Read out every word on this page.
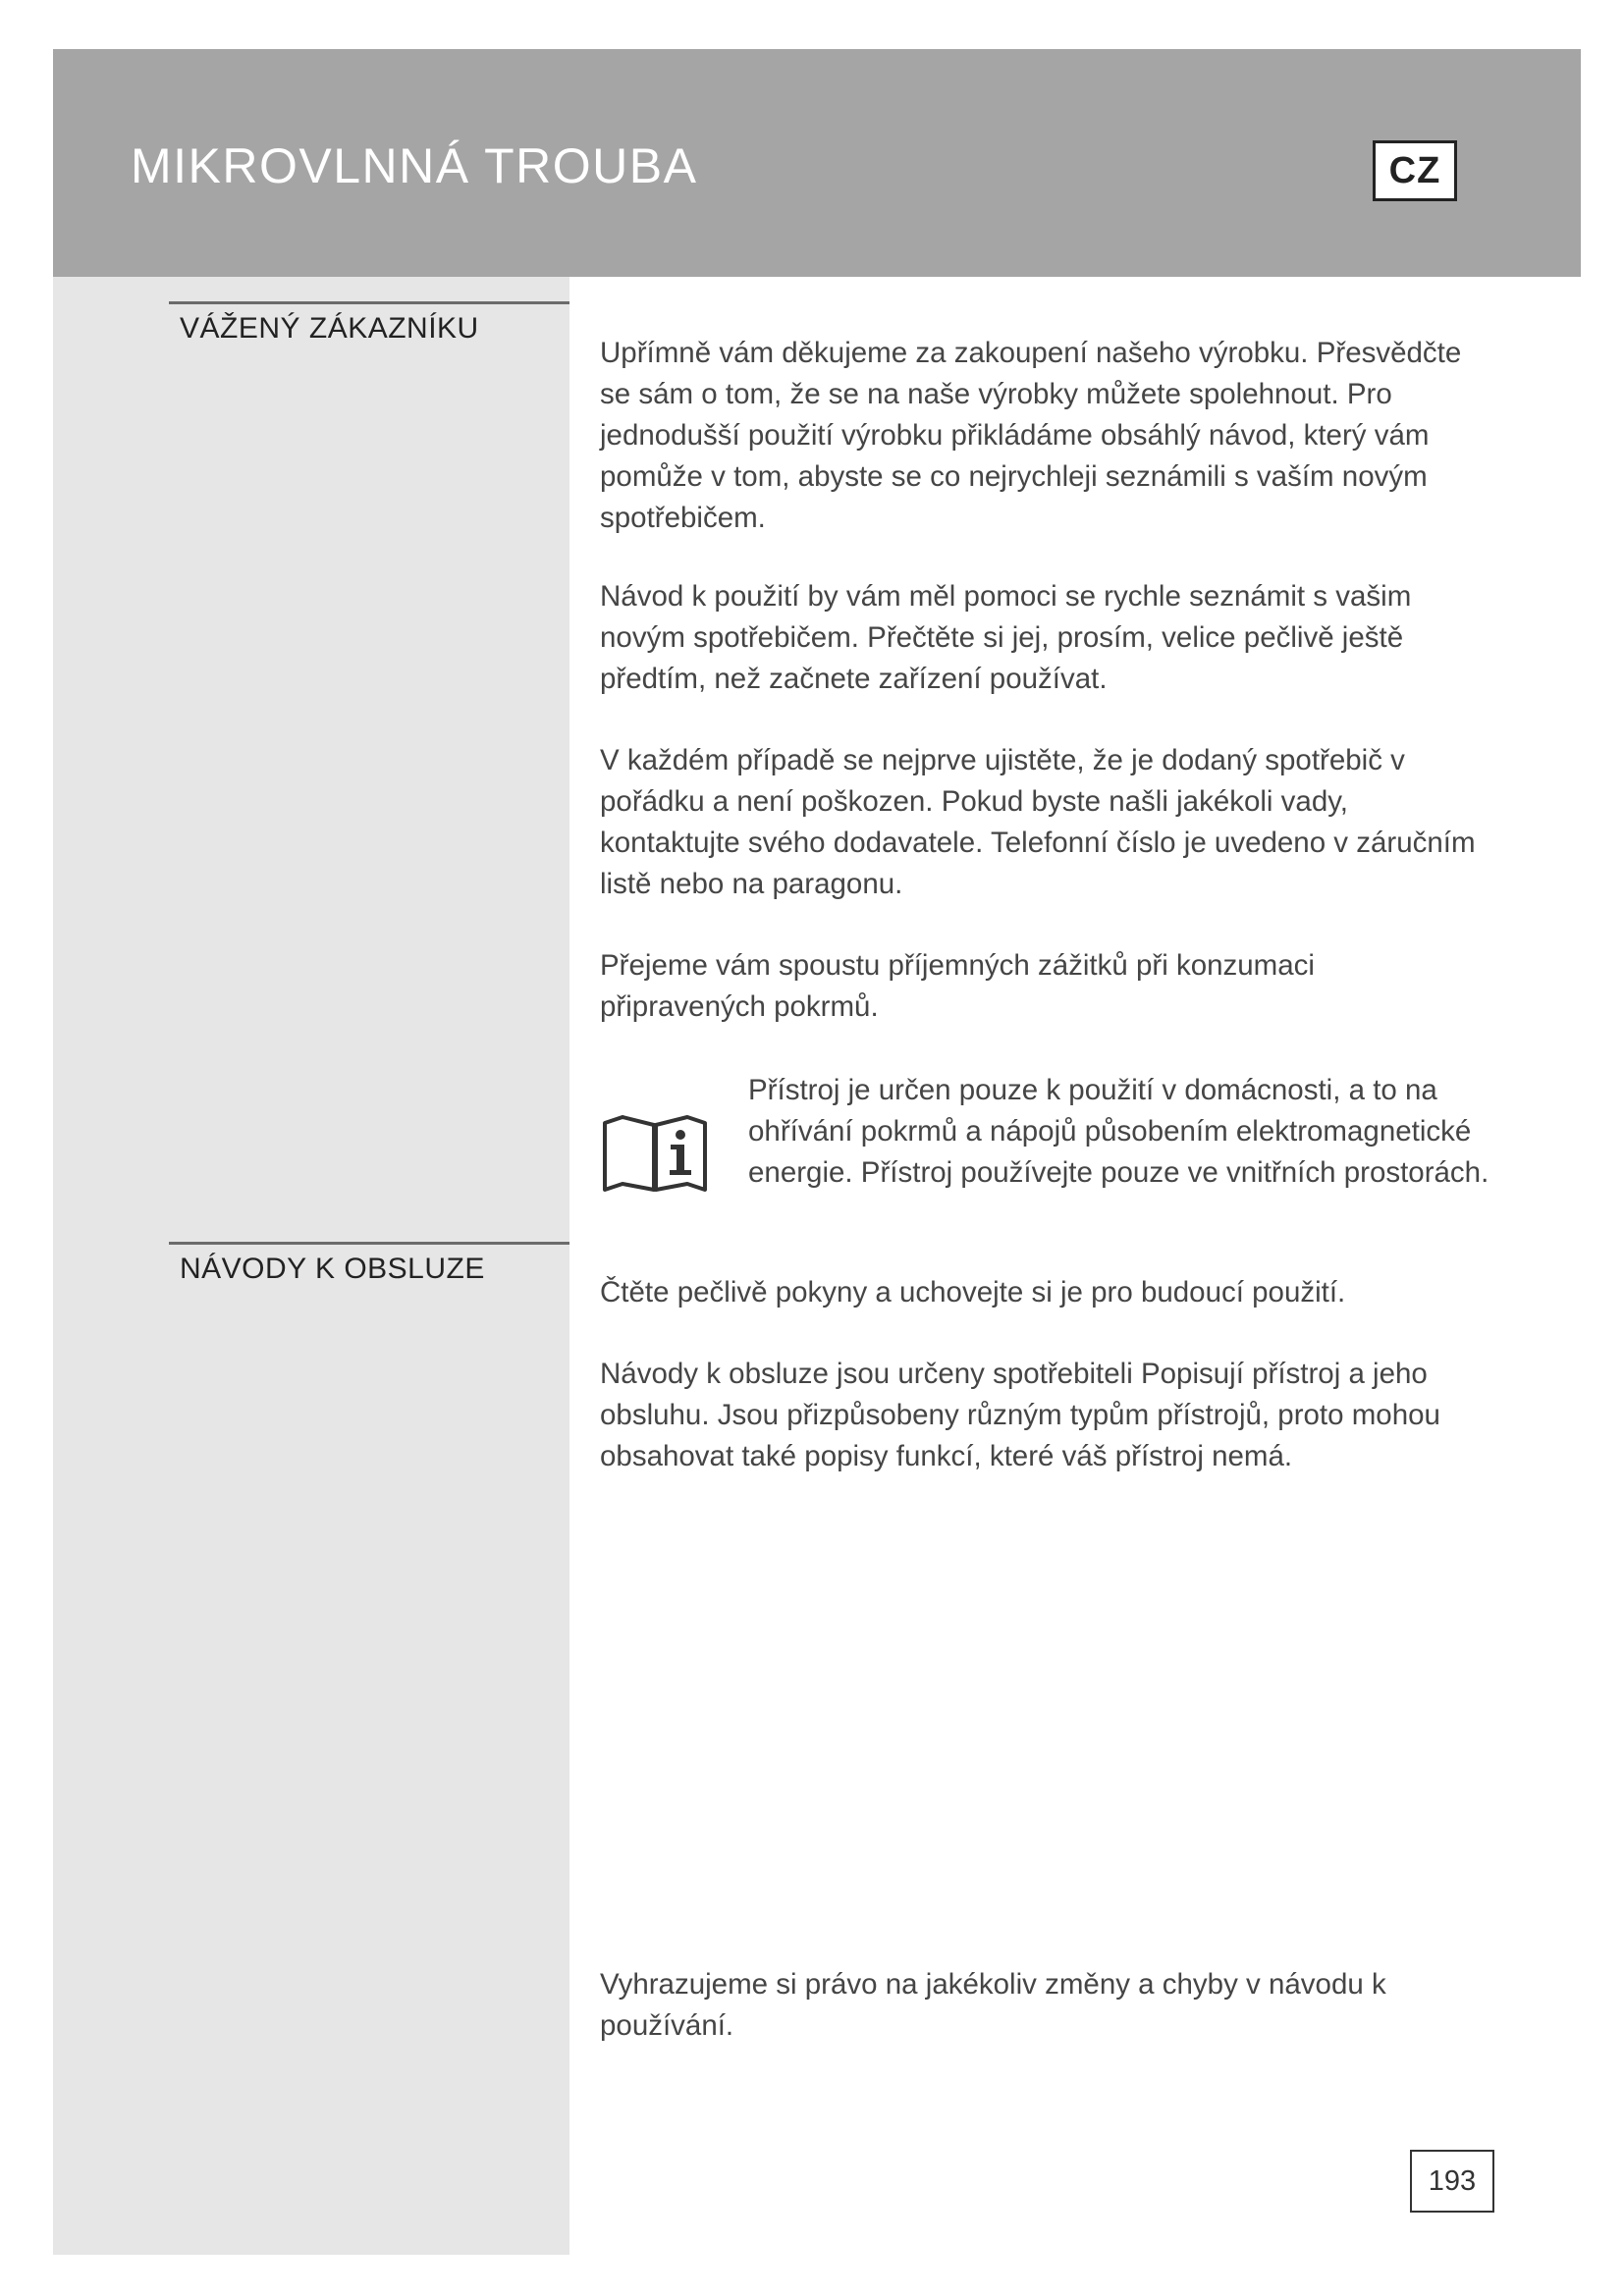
MIKROVLNNÁ TROUBA	CZ
VÁŽENÝ ZÁKAZNÍKU

Upřímně vám děkujeme za zakoupení našeho výrobku. Přesvědčte se sám o tom, že se na naše výrobky můžete spolehnout. Pro jednodušší použití výrobku přikládáme obsáhlý návod, který vám pomůže v tom, abyste se co nejrychleji seznámili s vaším novým spotřebičem.

Návod k použití by vám měl pomoci se rychle seznámit s vašim novým spotřebičem. Přečtěte si jej, prosím, velice pečlivě ještě předtím, než začnete zařízení používat.

V každém případě se nejprve ujistěte, že je dodaný spotřebič v pořádku a není poškozen. Pokud byste našli jakékoli vady, kontaktujte svého dodavatele. Telefonní číslo je uvedeno v záručním listě nebo na paragonu.

Přejeme vám spoustu příjemných zážitků při konzumaci připravených pokrmů.

Přístroj je určen pouze k použití v domácnosti, a to na ohřívání pokrmů a nápojů působením elektromagnetické energie. Přístroj používejte pouze ve vnitřních prostorách.

NÁVODY K OBSLUZE

Čtěte pečlivě pokyny a uchovejte si je pro budoucí použití.

Návody k obsluze jsou určeny spotřebiteli Popisují přístroj a jeho obsluhu. Jsou přizpůsobeny různým typům přístrojů, proto mohou obsahovat také popisy funkcí, které váš přístroj nemá.

Vyhrazujeme si právo na jakékoliv změny a chyby v návodu k používání.

193
